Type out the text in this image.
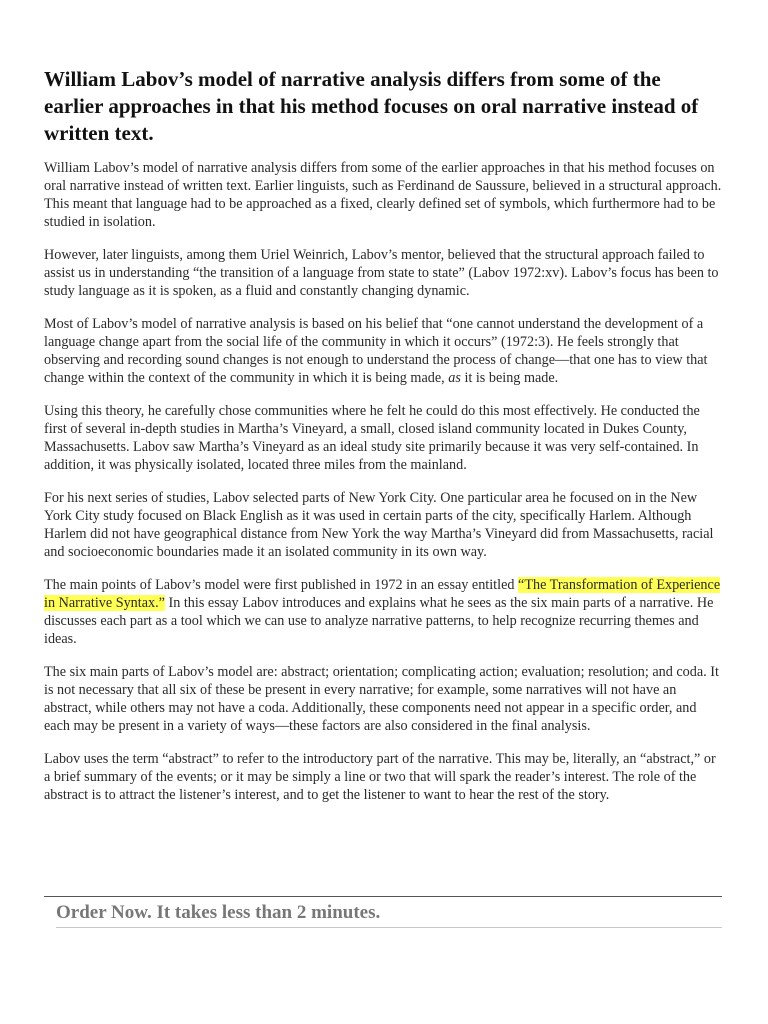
William Labov’s model of narrative analysis differs from some of the earlier approaches in that his method focuses on oral narrative instead of written text.

William Labov’s model of narrative analysis differs from some of the earlier approaches in that his method focuses on oral narrative instead of written text. Earlier linguists, such as Ferdinand de Saussure, believed in a structural approach. This meant that language had to be approached as a fixed, clearly defined set of symbols, which furthermore had to be studied in isolation.

However, later linguists, among them Uriel Weinrich, Labov’s mentor, believed that the structural approach failed to assist us in understanding “the transition of a language from state to state” (Labov 1972:xv). Labov’s focus has been to study language as it is spoken, as a fluid and constantly changing dynamic.

Most of Labov’s model of narrative analysis is based on his belief that “one cannot understand the development of a language change apart from the social life of the community in which it occurs” (1972:3). He feels strongly that observing and recording sound changes is not enough to understand the process of change—that one has to view that change within the context of the community in which it is being made, as it is being made.

Using this theory, he carefully chose communities where he felt he could do this most effectively. He conducted the first of several in-depth studies in Martha’s Vineyard, a small, closed island community located in Dukes County, Massachusetts. Labov saw Martha’s Vineyard as an ideal study site primarily because it was very self-contained. In addition, it was physically isolated, located three miles from the mainland.

For his next series of studies, Labov selected parts of New York City. One particular area he focused on in the New York City study focused on Black English as it was used in certain parts of the city, specifically Harlem. Although Harlem did not have geographical distance from New York the way Martha’s Vineyard did from Massachusetts, racial and socioeconomic boundaries made it an isolated community in its own way.

The main points of Labov’s model were first published in 1972 in an essay entitled “The Transformation of Experience in Narrative Syntax.” In this essay Labov introduces and explains what he sees as the six main parts of a narrative. He discusses each part as a tool which we can use to analyze narrative patterns, to help recognize recurring themes and ideas.

The six main parts of Labov’s model are: abstract; orientation; complicating action; evaluation; resolution; and coda. It is not necessary that all six of these be present in every narrative; for example, some narratives will not have an abstract, while others may not have a coda. Additionally, these components need not appear in a specific order, and each may be present in a variety of ways—these factors are also considered in the final analysis.

Labov uses the term “abstract” to refer to the introductory part of the narrative. This may be, literally, an “abstract,” or a brief summary of the events; or it may be simply a line or two that will spark the reader’s interest. The role of the abstract is to attract the listener’s interest, and to get the listener to want to hear the rest of the story.

Order Now. It takes less than 2 minutes.
